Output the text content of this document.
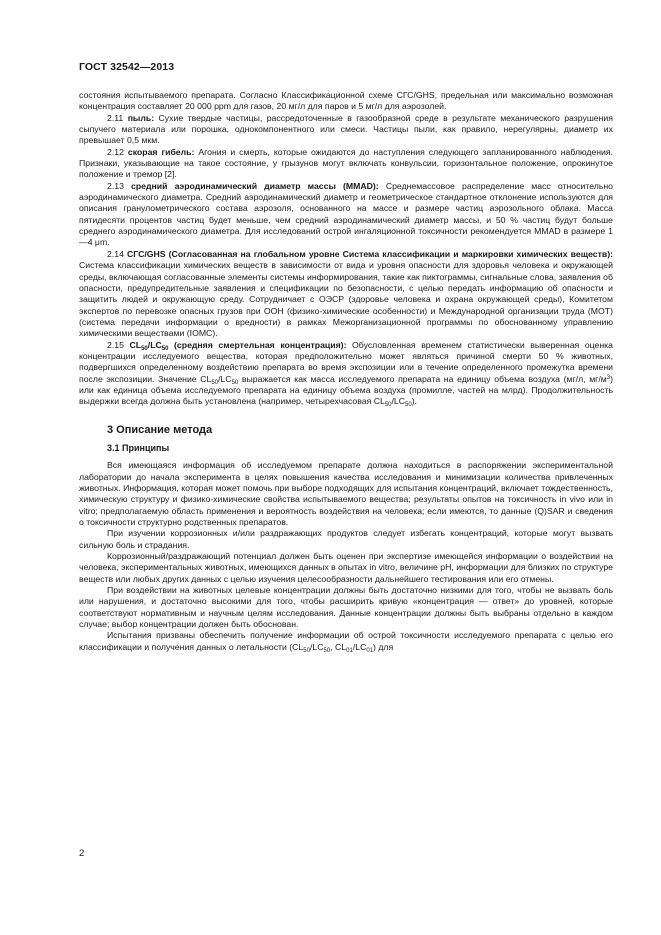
ГОСТ 32542—2013

состояния испытываемого препарата. Согласно Классификационной схеме СГС/GHS, предельная или максимально возможная концентрация составляет 20 000 ppm для газов, 20 мг/л для паров и 5 мг/л для аэрозолей.

2.11 пыль: Сухие твердые частицы, рассредоточенные в газообразной среде в результате механического разрушения сыпучего материала или порошка, однокомпонентного или смеси. Частицы пыли, как правило, нерегулярны, диаметр их превышает 0,5 мкм.

2.12 скорая гибель: Агония и смерть, которые ожидаются до наступления следующего запланированного наблюдения. Признаки, указывающие на такое состояние, у грызунов могут включать конвульсии, горизонтальное положение, опрокинутое положение и тремор [2].

2.13 средний аэродинамический диаметр массы (MMAD): Среднемассовое распределение масс относительно аэродинамического диаметра. Средний аэродинамический диаметр и геометрическое стандартное отклонение используются для описания гранулометрического состава аэрозоля, основанного на массе и размере частиц аэрозольного облака. Масса пятидесяти процентов частиц будет меньше, чем средний аэродинамический диаметр массы, и 50 % частиц будут больше среднего аэродинамического диаметра. Для исследований острой ингаляционной токсичности рекомендуется MMAD в размере 1—4 μm.

2.14 СГС/GHS (Согласованная на глобальном уровне Система классификации и маркировки химических веществ): Система классификации химических веществ в зависимости от вида и уровня опасности для здоровья человека и окружающей среды, включающая согласованные элементы системы информирования, такие как пиктограммы, сигнальные слова, заявления об опасности, предупредительные заявления и спецификации по безопасности, с целью передать информацию об опасности и защитить людей и окружающую среду. Сотрудничает с ОЭСР (здоровье человека и охрана окружающей среды), Комитетом экспертов по перевозке опасных грузов при ООН (физико-химические особенности) и Международной организации труда (МОТ) (система передачи информации о вредности) в рамках Межорганизационной программы по обоснованному управлению химическими веществами (IOMC).

2.15 $CL_{50}/LC_{50}$ (средняя смертельная концентрация): Обусловленная временем статистически выверенная оценка концентрации исследуемого вещества, которая предположительно может являться причиной смерти 50 % животных, подвергшихся определенному воздействию препарата во время экспозиции или в течение определенного промежутка времени после экспозиции. Значение $CL_{50}/LC_{50}$ выражается как масса исследуемого препарата на единицу объема воздуха (мг/л, $мг/м^3$) или как единица объема исследуемого препарата на единицу объема воздуха (промилле, частей на млрд). Продолжительность выдержки всегда должна быть установлена (например, четырехчасовая $CL_{50}/LC_{50}$).

3 Описание метода

3.1 Принципы

Вся имеющаяся информация об исследуемом препарате должна находиться в распоряжении экспериментальной лаборатории до начала эксперимента в целях повышения качества исследования и минимизации количества привлеченных животных. Информация, которая может помочь при выборе подходящих для испытания концентраций, включает тождественность, химическую структуру и физико-химические свойства испытываемого вещества; результаты опытов на токсичность in vivo или in vitro; предполагаемую область применения и вероятность воздействия на человека; если имеются, то данные (Q)SAR и сведения о токсичности структурно родственных препаратов.

При изучении коррозионных и/или раздражающих продуктов следует избегать концентраций, которые могут вызвать сильную боль и страдания.

Коррозионный/раздражающий потенциал должен быть оценен при экспертизе имеющейся информации о воздействии на человека, экспериментальных животных, имеющихся данных в опытах in vitro, величине pH, информации для близких по структуре веществ или любых других данных с целью изучения целесообразности дальнейшего тестирования или его отмены.

При воздействии на животных целевые концентрации должны быть достаточно низкими для того, чтобы не вызвать боль или нарушения, и достаточно высокими для того, чтобы расширить кривую «концентрация — ответ» до уровней, которые соответствуют нормативным и научным целям исследования. Данные концентрации должны быть выбраны отдельно в каждом случае; выбор концентрации должен быть обоснован.

Испытания призваны обеспечить получение информации об острой токсичности исследуемого препарата с целью его классификации и получения данных о летальности ($CL_{50}/LC_{50}$, $CL_{01}/LC_{01}$) для

2
